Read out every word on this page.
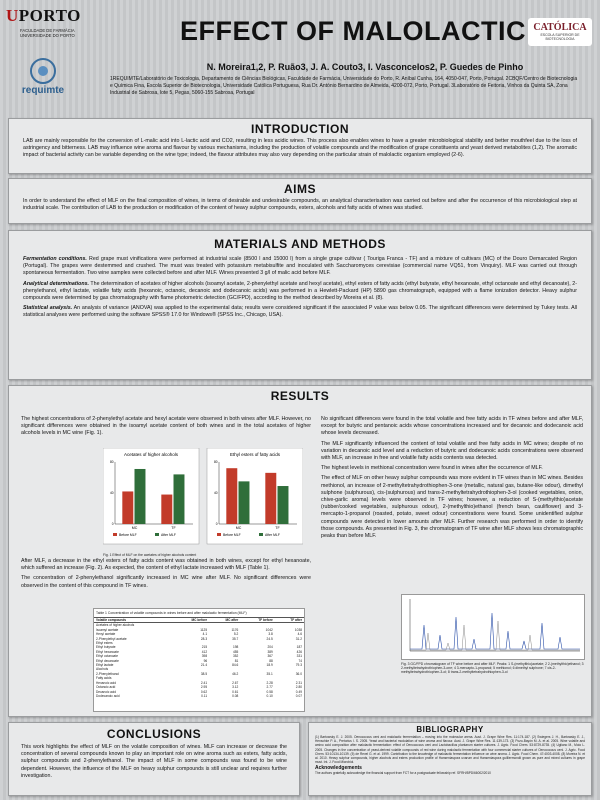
UPORTO
FACULDADE DE FARMÁCIA UNIVERSIDADE DO PORTO
requimte
EFFECT OF MALOLACTIC CATÓLICA
ESCOLA SUPERIOR DE BIOTECNOLOGIA
N. Moreira1,2, P. Ruão3, J. A. Couto3, I. Vasconcelos2, P. Guedes de Pinho
1REQUIMTE/Laboratório de Toxicologia, Departamento de Ciências Biológicas, Faculdade de Farmácia, Universidade do Porto, R. Aníbal Cunha, 164, 4050-047, Porto, Portugal. 2CBQF/Centro de Biotecnologia e Química Fina, Escola Superior de Biotecnologia, Universidade Católica Portuguesa, Rua Dr. António Bernardino de Almeida, 4200-072, Porto, Portugal. 3Laboratório de Feitoria, Vinhos da Quinta SA, Zona Industrial de Sabrosa, lote 5, Pegas, 5060-155 Sabrosa, Portugal
INTRODUCTION
LAB are mainly responsible for the conversion of L-malic acid into L-lactic acid and CO2, resulting in less acidic wines. This process also enables wines to have a greater microbiological stability and better mouthfeel due to the loss of astringency and bitterness. LAB may influence wine aroma and flavour by various mechanisms, including the production of volatile compounds and the modification of grape constituents and yeast derived metabolites (1,2). The aromatic impact of bacterial activity can be variable depending on the wine type; indeed, the flavour attributes may also vary depending on the particular strain of malolactic organism employed (2-6).
AIMS
In order to understand the effect of MLF on the final composition of wines, in terms of desirable and undesirable compounds, an analytical characterisation was carried out before and after the occurrence of this microbiological step at industrial scale. The contribution of LAB to the production or modification of the content of heavy sulphur compounds, esters, alcohols and fatty acids of wines was studied.
MATERIALS AND METHODS

Fermentation conditions. Red grape must vinifications were performed at industrial scale (8500 l and 15000 l) from a single grape cultivar ( Touriga Franca - TF) and a mixture of cultivars (MC) of the Douro Demarcated Region (Portugal). The grapes were destemmed and crushed. The must was treated with potassium metabisulfite and inoculated with Saccharomyces cerevisiae (commercial name VQ51, from Vinquiry). MLF was carried out through spontaneous fermentation. Two wine samples were collected before and after MLF. Wines presented 3 g/l of malic acid before MLF.

Analytical determinations. The determination of acetates of higher alcohols (isoamyl acetate, 2-phenylethyl acetate and hexyl acetate), ethyl esters of fatty acids (ethyl butyrate, ethyl hexanoate, ethyl octanoate and ethyl decanoate), 2-phenylethanol, ethyl lactate, volatile fatty acids (hexanoic, octanoic, decanoic and dodecanoic acids) was performed in a Hewlett-Packard (HP) 5890 gas chromatograph, equipped with a flame ionization detector. Heavy sulphur compounds were determined by gas chromatography with flame photometric detection (GC/FPD), according to the method described by Moreira et al. (8).

Statistical analysis. An analysis of variance (ANOVA) was applied to the experimental data; results were considered significant if the associated P value was below 0.05. The significant differences were determined by Tukey tests. All statistical analyses were performed using the software SPSS® 17.0 for Windows® (SPSS Inc., Chicago, USA).

RESULTS

The highest concentrations of 2-phenylethyl acetate and hexyl acetate were observed in both wines after MLF. However, no significant differences were obtained in the isoamyl acetate content of both wines and in the total acetates of higher alcohols levels in MC wine (Fig. 1).

Acetates of higher alcohols
0
40
80
MC	TF
Before MLF	After MLF
Ethyl esters of fatty acids
0
40
80
MC	TF
Before MLF	After MLF
Fig. 1 Effect of MLF on the acetates of higher alcohols content

After MLF, a decrease in the ethyl esters of fatty acids content was obtained in both wines, except for ethyl hexanoate, which suffered an increase (Fig. 2). As expected, the content of ethyl lactate increased with MLF (Table 1).

The concentration of 2-phenylethanol significantly increased in MC wine after MLF. No significant differences were observed in the content of this compound in TF wines.

Table 1 Concentration of volatile compounds in wines before and after malolactic fermentation (MLF)
Volatile compounds	MC before	MC after	TF before	TF after
Acetates of higher alcohols				
Isoamyl acetate	1125	1176	1042	1038
Hexyl acetate	4.1	5.2	3.8	4.6
2-Phenylethyl acetate	28.3	35.7	24.5	31.2
Ethyl esters				
Ethyl butyrate	215	198	204	187
Ethyl hexanoate	412	455	389	426
Ethyl octanoate	398	352	367	331
Ethyl decanoate	96	81	88	74
Ethyl lactate	21.4	84.6	18.9	79.3
Alcohols				
2-Phenylethanol	38.5	46.2	35.1	36.0
Fatty acids				
Hexanoic acid	2.41	2.67	2.28	2.31
Octanoic acid	2.95	3.12	2.77	2.80
Decanoic acid	0.62	0.61	0.58	0.49
Dodecanoic acid	0.11	0.08	0.10	0.07

No significant differences were found in the total volatile and free fatty acids in TF wines before and after MLF, except for butyric and pentanoic acids whose concentrations increased and for decanoic and dodecanoic acid whose levels decreased.

The MLF significantly influenced the content of total volatile and free fatty acids in MC wines; despite of no variation in decanoic acid level and a reduction of butyric and dodecanoic acids concentrations were observed with MLF, an increase in free and volatile fatty acids contents was detected.

The highest levels in methional concentration were found in wines after the occurrence of MLF.

The effect of MLF on other heavy sulphur compounds was more evident in TF wines than in MC wines. Besides methionol, an increase of 2-methyltetrahydrothiophen-3-one (metallic, natural gas, butane-like odour), dimethyl sulphone (sulphurous), cis-(sulphurous) and trans-2-methyltetrahydrothiophen-3-ol (cooked vegetables, onion, chive-garlic aroma) levels were observed in TF wines; however, a reduction of S-(methylthio)acetate (rubber/cooked vegetables, sulphurous odour), 2-(methylthio)ethanol (french bean, cauliflower) and 3-mercapto-1-propanol (roasted, potato, sweet odour) concentrations were found. Some unidentified sulphur compounds were detected in lower amounts after MLF. Further research was performed in order to identify those compounds. As presented in Fig. 3, the chromatogram of TF wine after MLF shows less chromatographic peaks than before MLF.

Fig. 3 GC/FPD chromatogram of TF wine before and after MLF. Peaks: 1 S-(methylthio)acetate; 2 2-(methylthio)ethanol; 3 2-methyltetrahydrothiophen-3-one; 4 3-mercapto-1-propanol; 5 methionol; 6 dimethyl sulphone; 7 cis-2-methyltetrahydrothiophen-3-ol; 8 trans-2-methyltetrahydrothiophen-3-ol
CONCLUSIONS
This work highlights the effect of MLF on the volatile composition of wines. MLF can increase or decrease the concentration of several compounds known to play an important role on wine aroma such as esters, fatty acids, sulphur compounds and 2-phenylethanol. The impact of MLF in some compounds was found to be wine dependent. However, the influence of the MLF on heavy sulphur compounds is still unclear and requires further investigation.
BIBLIOGRAPHY
(1) Bartowsky E. J. 2005. Oenococcus oeni and malolactic fermentation – moving into the molecular arena. Aust. J. Grape Wine Res. 11:174-187. (2) Swiegers J. H., Bartowsky E. J., Henschke P. A., Pretorius I. S. 2005. Yeast and bacterial modulation of wine aroma and flavour. Aust. J. Grape Wine Res. 11:139-173. (3) Pozo-Bayón M. A. et al. 2005. Wine volatile and amino acid composition after malolactic fermentation: effect of Oenococcus oeni and Lactobacillus plantarum starter cultures. J. Agric. Food Chem. 53:8729-8735. (4) Ugliano M., Moio L. 2005. Changes in the concentration of yeast-derived volatile compounds of red wine during malolactic fermentation with four commercial starter cultures of Oenococcus oeni. J. Agric. Food Chem. 53:10134-10139. (5) de Revel G. et al. 1999. Contribution to the knowledge of malolactic fermentation influence on wine aroma. J. Agric. Food Chem. 47:4003-4008. (8) Moreira N. et al. 2010. Heavy sulphur compounds, higher alcohols and esters production profile of Hanseniaspora uvarum and Hanseniaspora guilliermondii grown as pure and mixed cultures in grape must. Int. J. Food Microbiol.
Acknowledgements
The authors gratefully acknowledge the financial support from FCT for a postgraduate fellowship ref. SFRH/BPD/66002/2010
